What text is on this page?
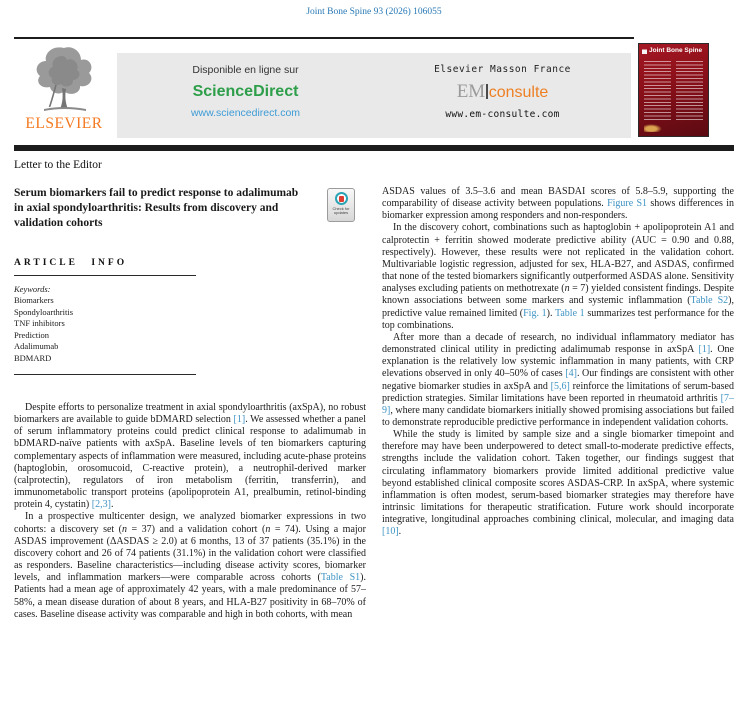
Joint Bone Spine 93 (2026) 106055
ELSEVIER
Disponible en ligne sur
ScienceDirect
www.sciencedirect.com
Elsevier Masson France
EM consulte
www.em-consulte.com
Joint Bone Spine
Letter to the Editor
Serum biomarkers fail to predict response to adalimumab in axial spondyloarthritis: Results from discovery and validation cohorts
Check for updates
ARTICLE INFO
Keywords:
Biomarkers
Spondyloarthritis
TNF inhibitors
Prediction
Adalimumab
BDMARD

Despite efforts to personalize treatment in axial spondyloarthritis (axSpA), no robust biomarkers are available to guide bDMARD selection [1]. We assessed whether a panel of serum inflammatory proteins could predict clinical response to adalimumab in bDMARD-naïve patients with axSpA. Baseline levels of ten biomarkers capturing complementary aspects of inflammation were measured, including acute-phase proteins (haptoglobin, orosomucoid, C-reactive protein), a neutrophil-derived marker (calprotectin), regulators of iron metabolism (ferritin, transferrin), and immunometabolic transport proteins (apolipoprotein A1, prealbumin, retinol-binding protein 4, cystatin) [2,3].

In a prospective multicenter design, we analyzed biomarker expressions in two cohorts: a discovery set (n = 37) and a validation cohort (n = 74). Using a major ASDAS improvement (ΔASDAS ≥ 2.0) at 6 months, 13 of 37 patients (35.1%) in the discovery cohort and 26 of 74 patients (31.1%) in the validation cohort were classified as responders. Baseline characteristics—including disease activity scores, biomarker levels, and inflammation markers—were comparable across cohorts (Table S1). Patients had a mean age of approximately 42 years, with a male predominance of 57–58%, a mean disease duration of about 8 years, and HLA-B27 positivity in 68–70% of cases. Baseline disease activity was comparable and high in both cohorts, with mean

ASDAS values of 3.5–3.6 and mean BASDAI scores of 5.8–5.9, supporting the comparability of disease activity between populations. Figure S1 shows differences in biomarker expression among responders and non-responders.

In the discovery cohort, combinations such as haptoglobin + apolipoprotein A1 and calprotectin + ferritin showed moderate predictive ability (AUC = 0.90 and 0.88, respectively). However, these results were not replicated in the validation cohort. Multivariable logistic regression, adjusted for sex, HLA-B27, and ASDAS, confirmed that none of the tested biomarkers significantly outperformed ASDAS alone. Sensitivity analyses excluding patients on methotrexate (n = 7) yielded consistent findings. Despite known associations between some markers and systemic inflammation (Table S2), predictive value remained limited (Fig. 1). Table 1 summarizes test performance for the top combinations.

After more than a decade of research, no individual inflammatory mediator has demonstrated clinical utility in predicting adalimumab response in axSpA [1]. One explanation is the relatively low systemic inflammation in many patients, with CRP elevations observed in only 40–50% of cases [4]. Our findings are consistent with other negative biomarker studies in axSpA and [5,6] reinforce the limitations of serum-based prediction strategies. Similar limitations have been reported in rheumatoid arthritis [7–9], where many candidate biomarkers initially showed promising associations but failed to demonstrate reproducible predictive performance in independent validation cohorts.

While the study is limited by sample size and a single biomarker timepoint and therefore may have been underpowered to detect small-to-moderate predictive effects, strengths include the validation cohort. Taken together, our findings suggest that circulating inflammatory biomarkers provide limited additional predictive value beyond established clinical composite scores ASDAS-CRP. In axSpA, where systemic inflammation is often modest, serum-based biomarker strategies may therefore have intrinsic limitations for therapeutic stratification. Future work should incorporate integrative, longitudinal approaches combining clinical, molecular, and imaging data [10].
